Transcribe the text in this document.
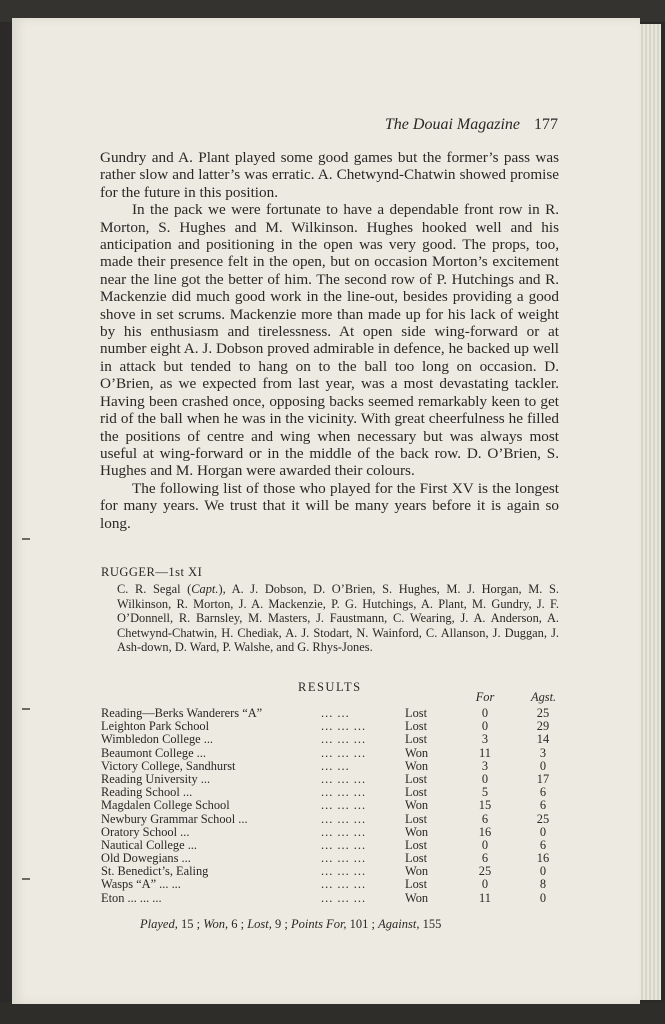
The Douai Magazine 177

Gundry and A. Plant played some good games but the former’s pass was rather slow and latter’s was erratic. A. Chetwynd-Chatwin showed promise for the future in this position.

In the pack we were fortunate to have a dependable front row in R. Morton, S. Hughes and M. Wilkinson. Hughes hooked well and his anticipation and positioning in the open was very good. The props, too, made their presence felt in the open, but on occasion Morton’s excitement near the line got the better of him. The second row of P. Hutchings and R. Mackenzie did much good work in the line-out, besides providing a good shove in set scrums. Mackenzie more than made up for his lack of weight by his enthusiasm and tirelessness. At open side wing-forward or at number eight A. J. Dobson proved admirable in defence, he backed up well in attack but tended to hang on to the ball too long on occasion. D. O’Brien, as we expected from last year, was a most devastating tackler. Having been crashed once, opposing backs seemed remarkably keen to get rid of the ball when he was in the vicinity. With great cheerfulness he filled the positions of centre and wing when necessary but was always most useful at wing-forward or in the middle of the back row. D. O’Brien, S. Hughes and M. Horgan were awarded their colours.

The following list of those who played for the First XV is the longest for many years. We trust that it will be many years before it is again so long.

RUGGER—1st XI
C. R. Segal (Capt.), A. J. Dobson, D. O’Brien, S. Hughes, M. J. Horgan, M. S. Wilkinson, R. Morton, J. A. Mackenzie, P. G. Hutchings, A. Plant, M. Gundry, J. F. O’Donnell, R. Barnsley, M. Masters, J. Faustmann, C. Wearing, J. A. Anderson, A. Chetwynd-Chatwin, H. Chediak, A. J. Stodart, N. Wainford, C. Allanson, J. Duggan, J. Ash-down, D. Ward, P. Walshe, and G. Rhys-Jones.
RESULTS
For	Agst.
Reading—Berks Wanderers “A”	... ...	Lost	0	25
Leighton Park School	... ... ...	Lost	0	29
Wimbledon College ...	... ... ...	Lost	3	14
Beaumont College ...	... ... ...	Won	11	3
Victory College, Sandhurst	... ...	Won	3	0
Reading University ...	... ... ...	Lost	0	17
Reading School ...	... ... ...	Lost	5	6
Magdalen College School	... ... ...	Won	15	6
Newbury Grammar School ...	... ... ...	Lost	6	25
Oratory School ...	... ... ...	Won	16	0
Nautical College ...	... ... ...	Lost	0	6
Old Dowegians ...	... ... ...	Lost	6	16
St. Benedict’s, Ealing	... ... ...	Won	25	0
Wasps “A” ... ...	... ... ...	Lost	0	8
Eton ... ... ...	... ... ...	Won	11	0
Played, 15 ; Won, 6 ; Lost, 9 ; Points For, 101 ; Against, 155
